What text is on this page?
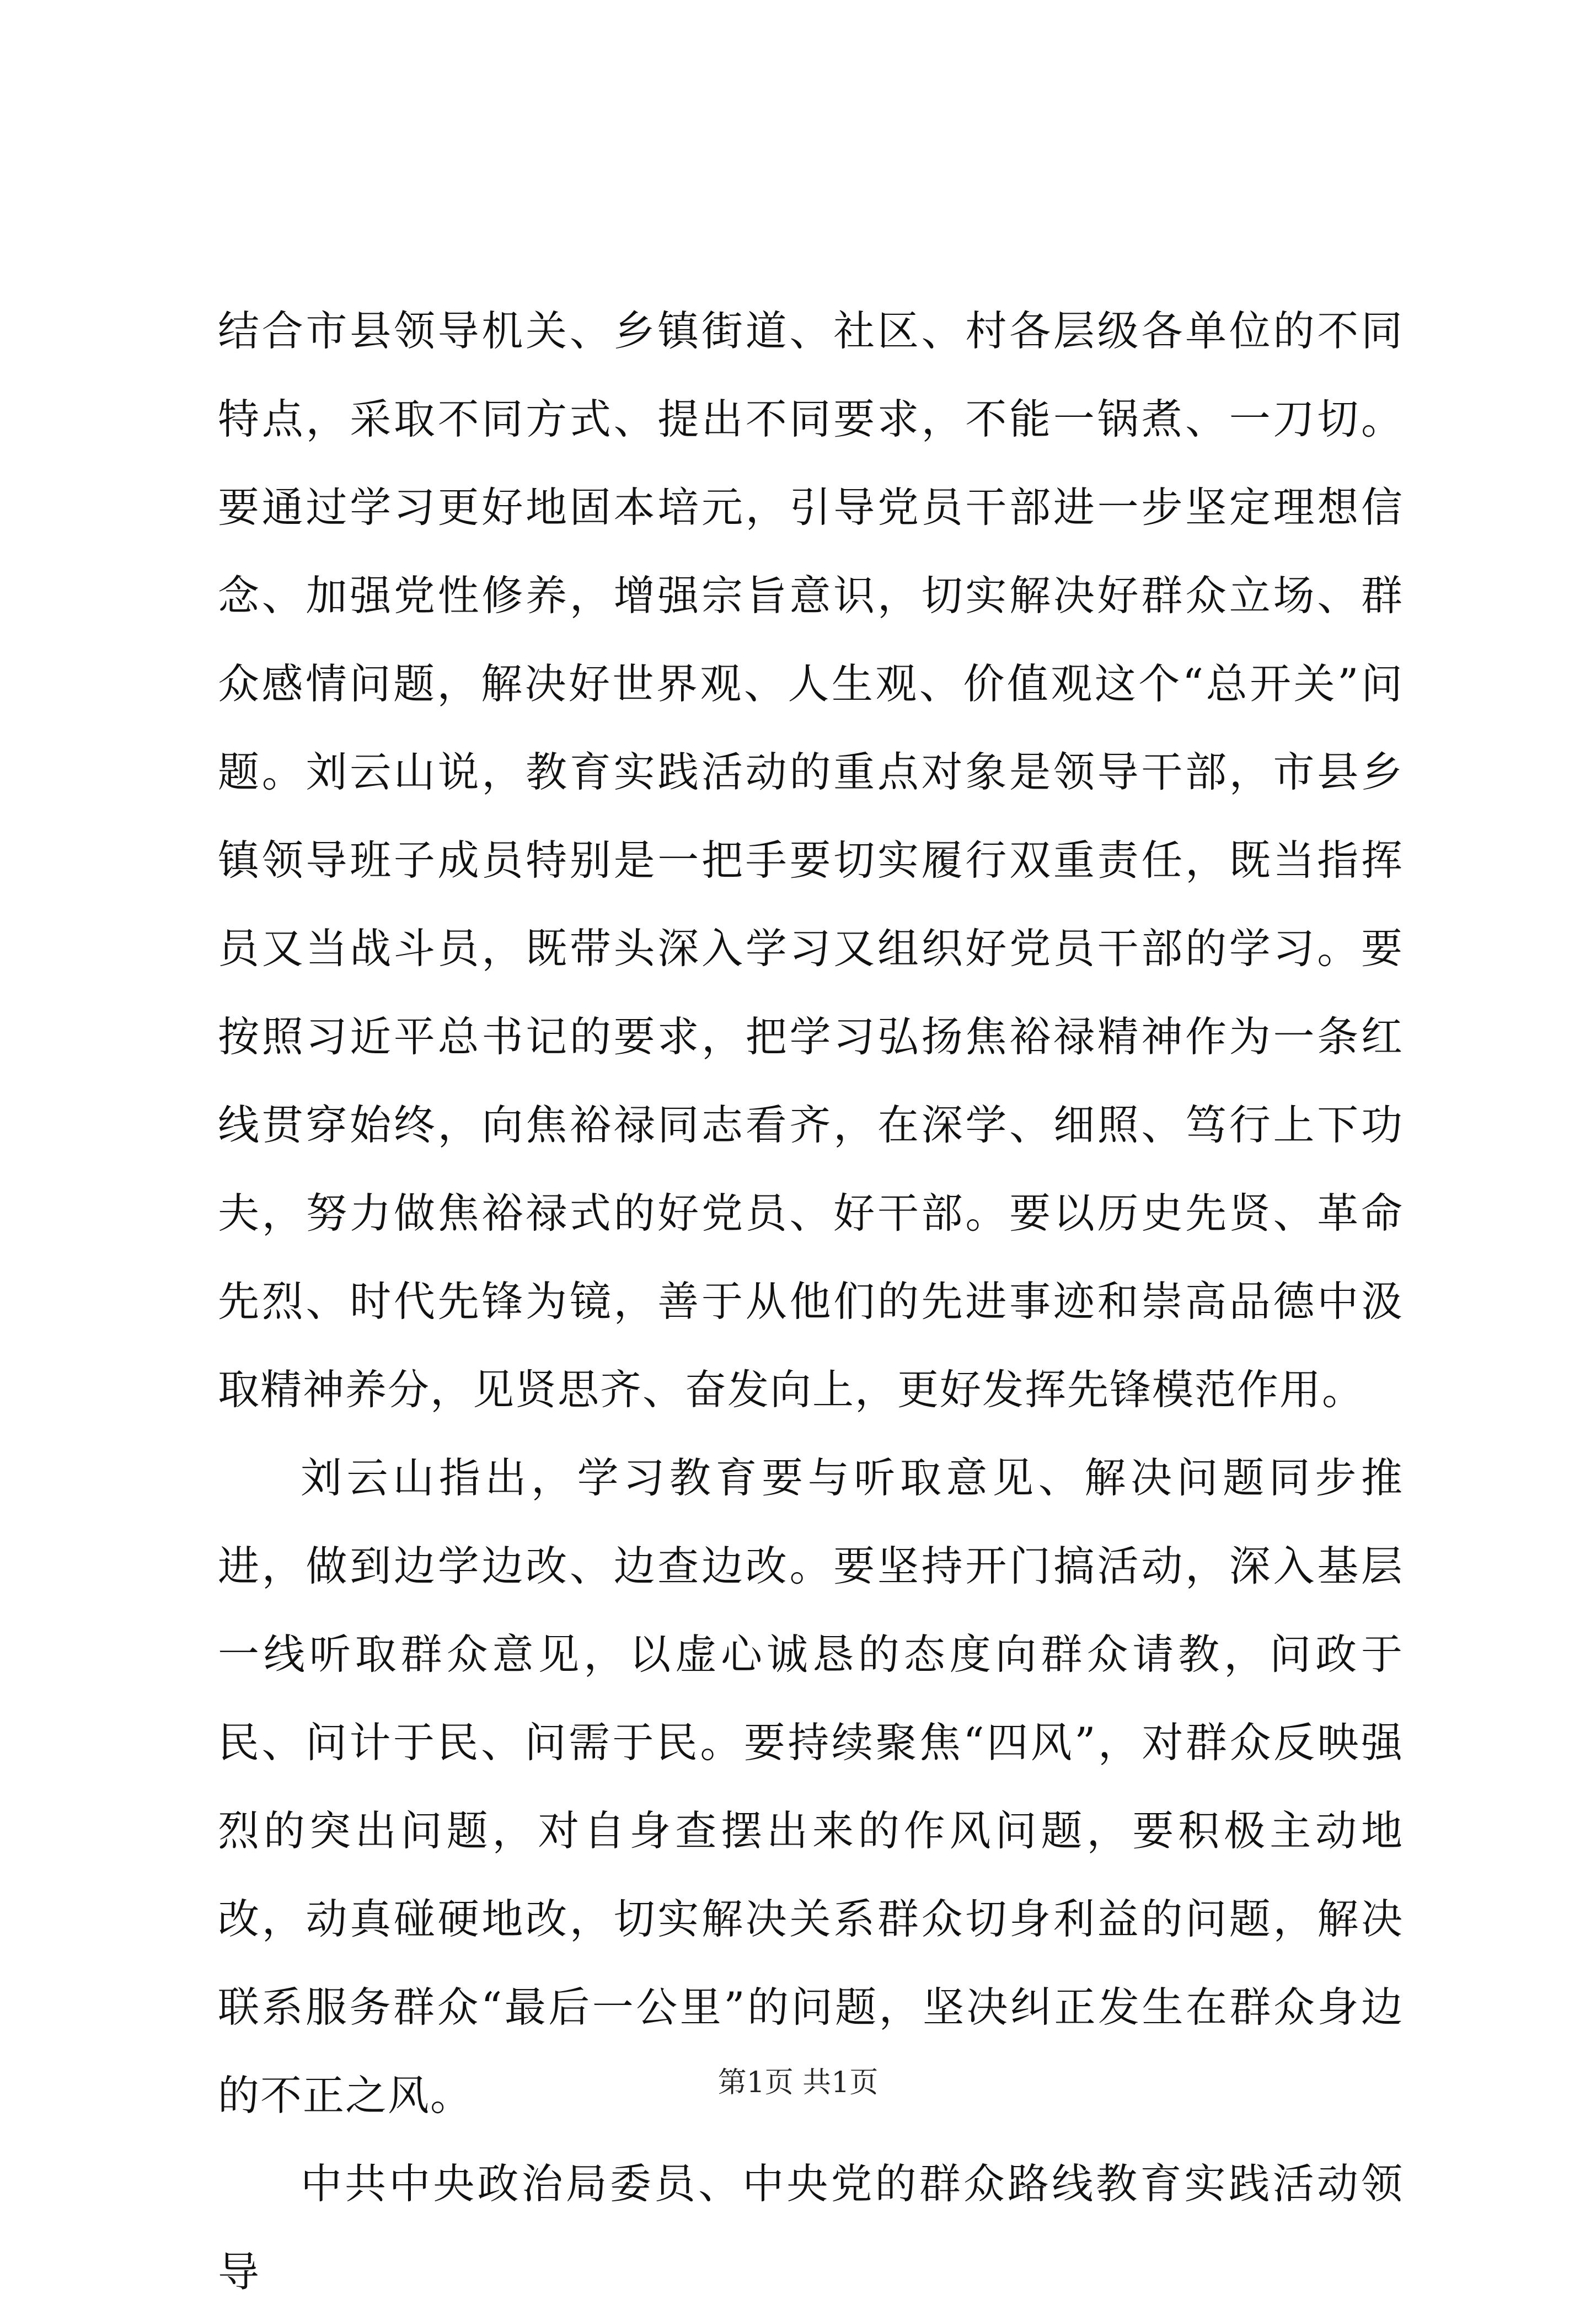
结合市县领导机关、乡镇街道、社区、村各层级各单位的不同特点，采取不同方式、提出不同要求，不能一锅煮、一刀切。要通过学习更好地固本培元，引导党员干部进一步坚定理想信念、加强党性修养，增强宗旨意识，切实解决好群众立场、群众感情问题，解决好世界观、人生观、价值观这个“总开关”问题。刘云山说，教育实践活动的重点对象是领导干部，市县乡镇领导班子成员特别是一把手要切实履行双重责任，既当指挥员又当战斗员，既带头深入学习又组织好党员干部的学习。要按照习近平总书记的要求，把学习弘扬焦裕禄精神作为一条红线贯穿始终，向焦裕禄同志看齐，在深学、细照、笃行上下功夫，努力做焦裕禄式的好党员、好干部。要以历史先贤、革命先烈、时代先锋为镜，善于从他们的先进事迹和崇高品德中汲取精神养分，见贤思齐、奋发向上，更好发挥先锋模范作用。

刘云山指出，学习教育要与听取意见、解决问题同步推进，做到边学边改、边查边改。要坚持开门搞活动，深入基层一线听取群众意见，以虚心诚恳的态度向群众请教，问政于民、问计于民、问需于民。要持续聚焦“四风”，对群众反映强烈的突出问题，对自身查摆出来的作风问题，要积极主动地改，动真碰硬地改，切实解决关系群众切身利益的问题，解决联系服务群众“最后一公里”的问题，坚决纠正发生在群众身边的不正之风。

中共中央政治局委员、中央党的群众路线教育实践活动领导

第1页 共1页
